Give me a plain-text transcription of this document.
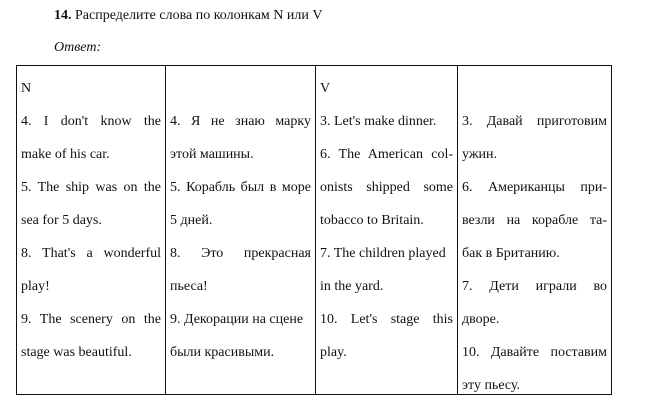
14. Распределите слова по колонкам N или V
Ответ:
N
4. I don't know the
make of his car.
5. The ship was on the
sea for 5 days.
8. That's a wonderful
play!
9. The scenery on the
stage was beautiful.
4. Я не знаю марку
этой машины.
5. Корабль был в море
5 дней.
8. Это прекрасная
пьеса!
9. Декорации на сцене
были красивыми.
V
3. Let's make dinner.
6. The American col-
onists shipped some
tobacco to Britain.
7. The children played
in the yard.
10. Let's stage this
play.
3. Давай приготовим
ужин.
6. Американцы при-
везли на корабле та-
бак в Британию.
7. Дети играли во
дворе.
10. Давайте поставим
эту пьесу.
